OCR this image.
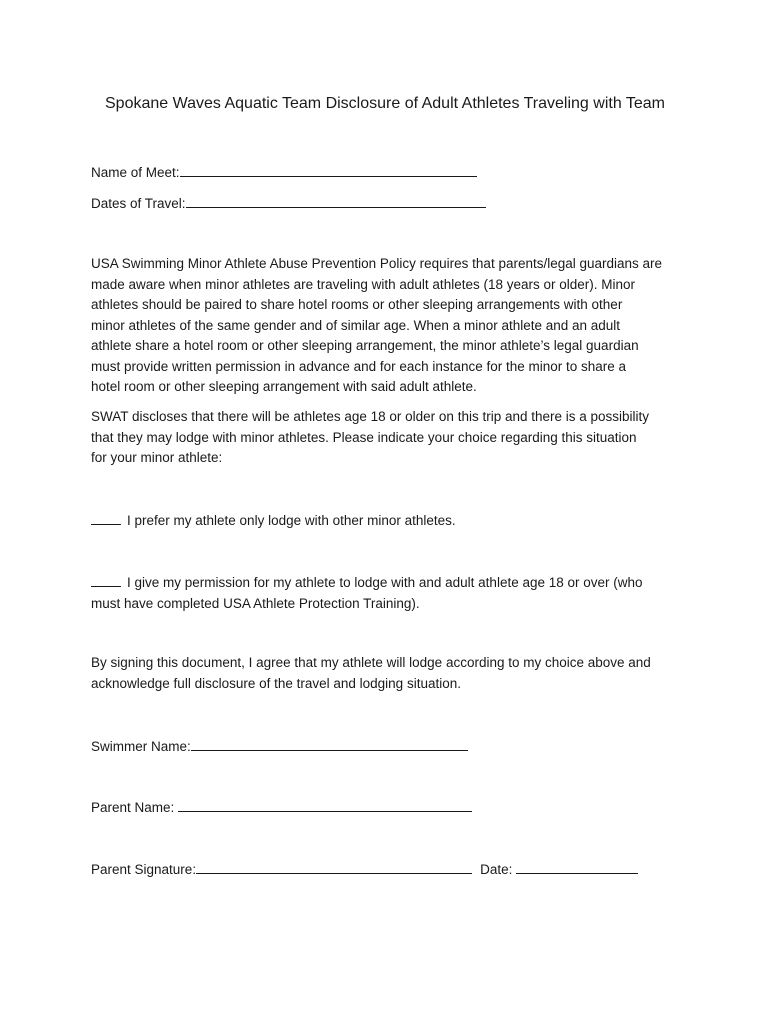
Spokane Waves Aquatic Team Disclosure of Adult Athletes Traveling with Team
Name of Meet:
Dates of Travel:

USA Swimming Minor Athlete Abuse Prevention Policy requires that parents/legal guardians are

made aware when minor athletes are traveling with adult athletes (18 years or older). Minor

athletes should be paired to share hotel rooms or other sleeping arrangements with other

minor athletes of the same gender and of similar age. When a minor athlete and an adult

athlete share a hotel room or other sleeping arrangement, the minor athlete’s legal guardian

must provide written permission in advance and for each instance for the minor to share a

hotel room or other sleeping arrangement with said adult athlete.

SWAT discloses that there will be athletes age 18 or older on this trip and there is a possibility

that they may lodge with minor athletes. Please indicate your choice regarding this situation

for your minor athlete:

I prefer my athlete only lodge with other minor athletes.

I give my permission for my athlete to lodge with and adult athlete age 18 or over (who

must have completed USA Athlete Protection Training).

By signing this document, I agree that my athlete will lodge according to my choice above and

acknowledge full disclosure of the travel and lodging situation.

Swimmer Name:
Parent Name:
Parent Signature:	Date:
